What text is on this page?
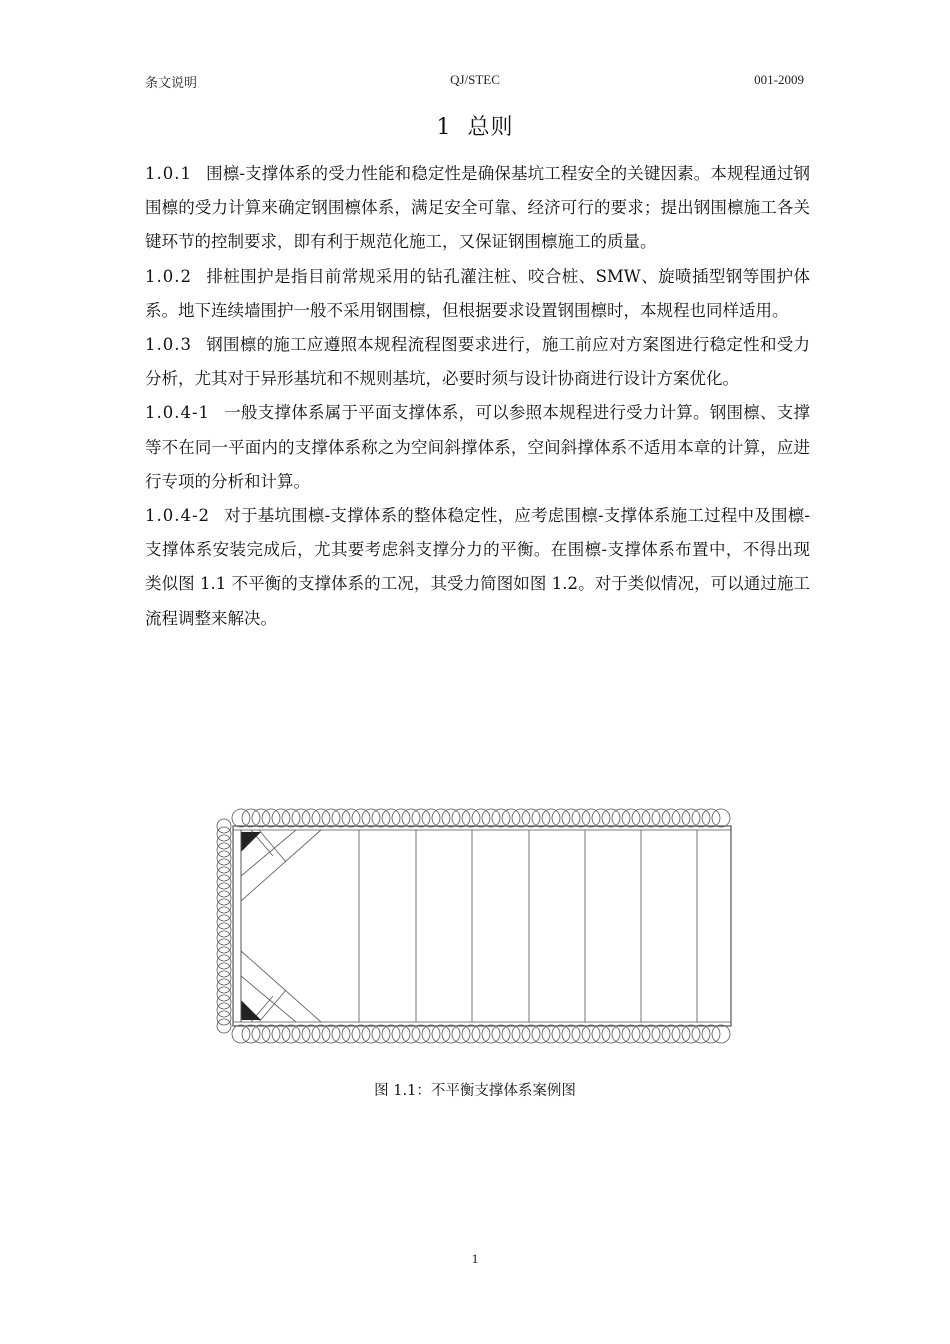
条文说明	QJ/STEC	001-2009
1 总则

1.0.1 围檩-支撑体系的受力性能和稳定性是确保基坑工程安全的关键因素。本规程通过钢围檩的受力计算来确定钢围檩体系，满足安全可靠、经济可行的要求；提出钢围檩施工各关键环节的控制要求，即有利于规范化施工，又保证钢围檩施工的质量。

1.0.2 排桩围护是指目前常规采用的钻孔灌注桩、咬合桩、SMW、旋喷插型钢等围护体系。地下连续墙围护一般不采用钢围檩，但根据要求设置钢围檩时，本规程也同样适用。

1.0.3 钢围檩的施工应遵照本规程流程图要求进行，施工前应对方案图进行稳定性和受力分析，尤其对于异形基坑和不规则基坑，必要时须与设计协商进行设计方案优化。

1.0.4-1 一般支撑体系属于平面支撑体系，可以参照本规程进行受力计算。钢围檩、支撑等不在同一平面内的支撑体系称之为空间斜撑体系，空间斜撑体系不适用本章的计算，应进行专项的分析和计算。

1.0.4-2 对于基坑围檩-支撑体系的整体稳定性，应考虑围檩-支撑体系施工过程中及围檩-支撑体系安装完成后，尤其要考虑斜支撑分力的平衡。在围檩-支撑体系布置中，不得出现类似图 1.1 不平衡的支撑体系的工况，其受力简图如图 1.2。对于类似情况，可以通过施工流程调整来解决。

图 1.1：不平衡支撑体系案例图
1
